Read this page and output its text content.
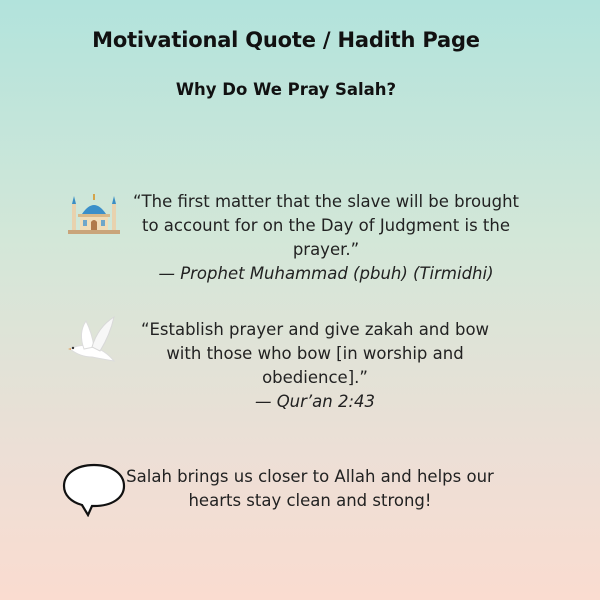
Motivational Quote / Hadith Page
Why Do We Pray Salah?
“The first matter that the slave will be brought
to account for on the Day of Judgment is the
prayer.”
— Prophet Muhammad (pbuh) (Tirmidhi)
“Establish prayer and give zakah and bow
with those who bow [in worship and
obedience].”
— Qur’an 2:43
Salah brings us closer to Allah and helps our
hearts stay clean and strong!
